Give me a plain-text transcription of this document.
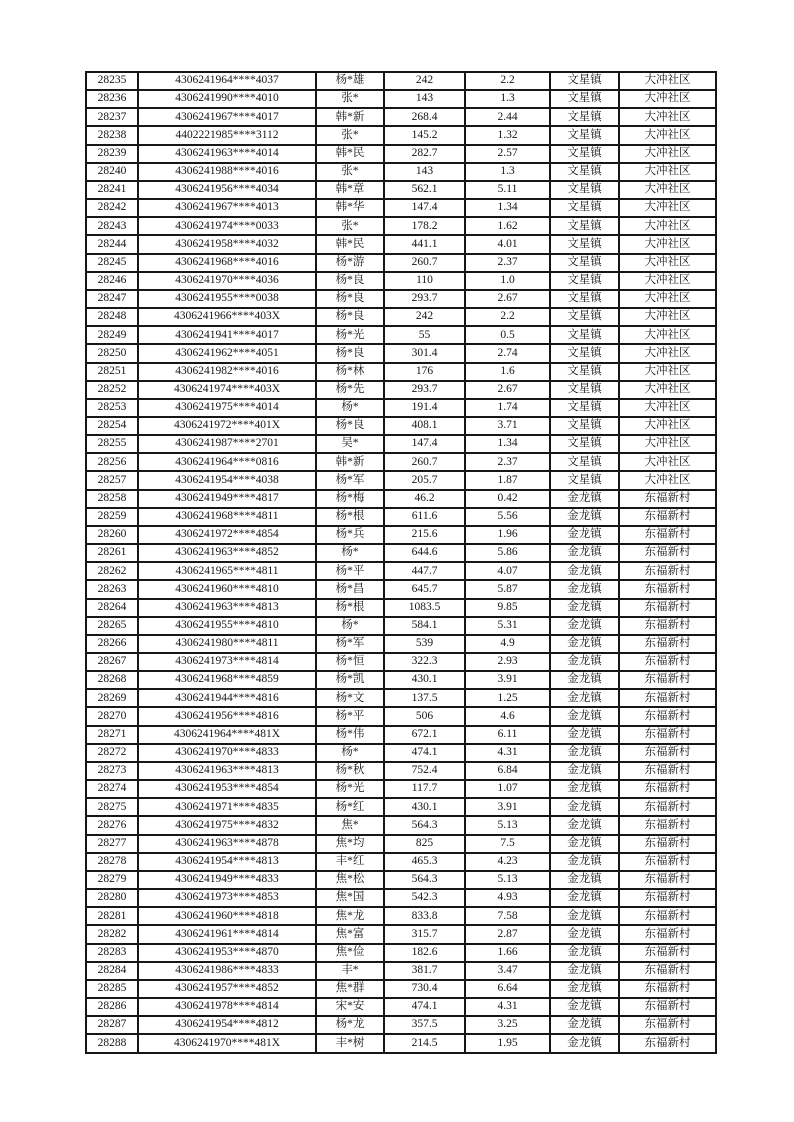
28235	4306241964****4037	杨*雄	242	2.2	文星镇	大冲社区
28236	4306241990****4010	张*	143	1.3	文星镇	大冲社区
28237	4306241967****4017	韩*新	268.4	2.44	文星镇	大冲社区
28238	4402221985****3112	张*	145.2	1.32	文星镇	大冲社区
28239	4306241963****4014	韩*民	282.7	2.57	文星镇	大冲社区
28240	4306241988****4016	张*	143	1.3	文星镇	大冲社区
28241	4306241956****4034	韩*章	562.1	5.11	文星镇	大冲社区
28242	4306241967****4013	韩*华	147.4	1.34	文星镇	大冲社区
28243	4306241974****0033	张*	178.2	1.62	文星镇	大冲社区
28244	4306241958****4032	韩*民	441.1	4.01	文星镇	大冲社区
28245	4306241968****4016	杨*游	260.7	2.37	文星镇	大冲社区
28246	4306241970****4036	杨*良	110	1.0	文星镇	大冲社区
28247	4306241955****0038	杨*良	293.7	2.67	文星镇	大冲社区
28248	4306241966****403X	杨*良	242	2.2	文星镇	大冲社区
28249	4306241941****4017	杨*光	55	0.5	文星镇	大冲社区
28250	4306241962****4051	杨*良	301.4	2.74	文星镇	大冲社区
28251	4306241982****4016	杨*林	176	1.6	文星镇	大冲社区
28252	4306241974****403X	杨*先	293.7	2.67	文星镇	大冲社区
28253	4306241975****4014	杨*	191.4	1.74	文星镇	大冲社区
28254	4306241972****401X	杨*良	408.1	3.71	文星镇	大冲社区
28255	4306241987****2701	吴*	147.4	1.34	文星镇	大冲社区
28256	4306241964****0816	韩*新	260.7	2.37	文星镇	大冲社区
28257	4306241954****4038	杨*军	205.7	1.87	文星镇	大冲社区
28258	4306241949****4817	杨*梅	46.2	0.42	金龙镇	东福新村
28259	4306241968****4811	杨*根	611.6	5.56	金龙镇	东福新村
28260	4306241972****4854	杨*兵	215.6	1.96	金龙镇	东福新村
28261	4306241963****4852	杨*	644.6	5.86	金龙镇	东福新村
28262	4306241965****4811	杨*平	447.7	4.07	金龙镇	东福新村
28263	4306241960****4810	杨*昌	645.7	5.87	金龙镇	东福新村
28264	4306241963****4813	杨*根	1083.5	9.85	金龙镇	东福新村
28265	4306241955****4810	杨*	584.1	5.31	金龙镇	东福新村
28266	4306241980****4811	杨*军	539	4.9	金龙镇	东福新村
28267	4306241973****4814	杨*恒	322.3	2.93	金龙镇	东福新村
28268	4306241968****4859	杨*凯	430.1	3.91	金龙镇	东福新村
28269	4306241944****4816	杨*文	137.5	1.25	金龙镇	东福新村
28270	4306241956****4816	杨*平	506	4.6	金龙镇	东福新村
28271	4306241964****481X	杨*伟	672.1	6.11	金龙镇	东福新村
28272	4306241970****4833	杨*	474.1	4.31	金龙镇	东福新村
28273	4306241963****4813	杨*秋	752.4	6.84	金龙镇	东福新村
28274	4306241953****4854	杨*光	117.7	1.07	金龙镇	东福新村
28275	4306241971****4835	杨*红	430.1	3.91	金龙镇	东福新村
28276	4306241975****4832	焦*	564.3	5.13	金龙镇	东福新村
28277	4306241963****4878	焦*均	825	7.5	金龙镇	东福新村
28278	4306241954****4813	丰*红	465.3	4.23	金龙镇	东福新村
28279	4306241949****4833	焦*松	564.3	5.13	金龙镇	东福新村
28280	4306241973****4853	焦*国	542.3	4.93	金龙镇	东福新村
28281	4306241960****4818	焦*龙	833.8	7.58	金龙镇	东福新村
28282	4306241961****4814	焦*富	315.7	2.87	金龙镇	东福新村
28283	4306241953****4870	焦*俭	182.6	1.66	金龙镇	东福新村
28284	4306241986****4833	丰*	381.7	3.47	金龙镇	东福新村
28285	4306241957****4852	焦*群	730.4	6.64	金龙镇	东福新村
28286	4306241978****4814	宋*安	474.1	4.31	金龙镇	东福新村
28287	4306241954****4812	杨*龙	357.5	3.25	金龙镇	东福新村
28288	4306241970****481X	丰*树	214.5	1.95	金龙镇	东福新村
